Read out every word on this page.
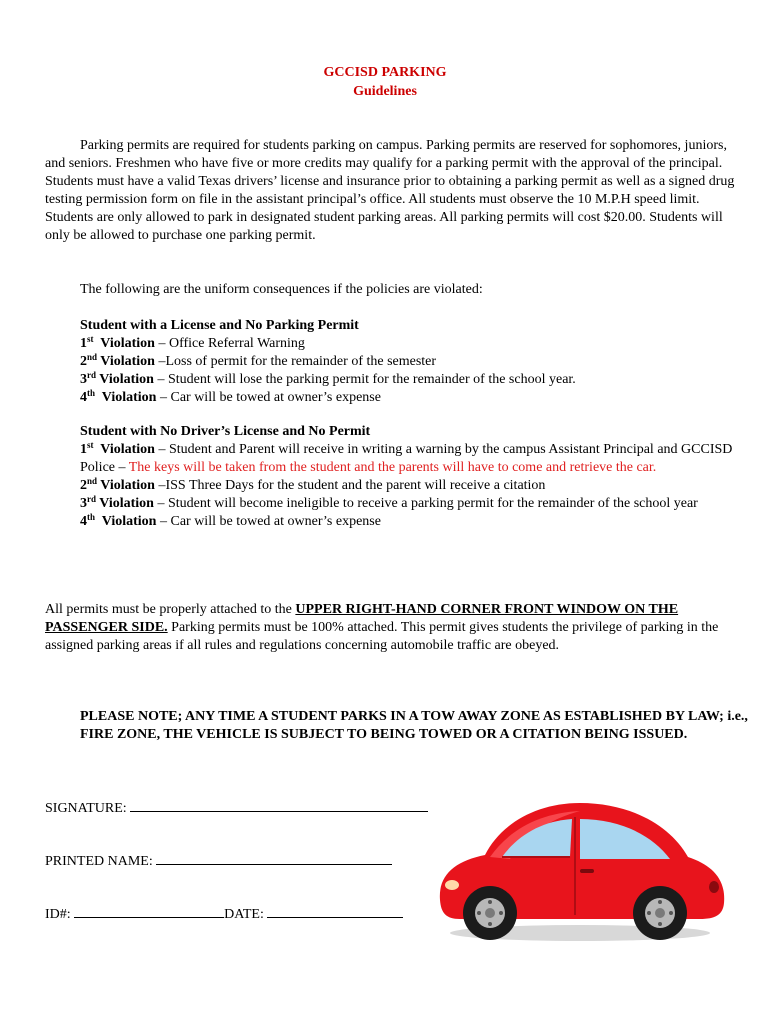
GCCISD PARKING
Guidelines
Parking permits are required for students parking on campus. Parking permits are reserved for sophomores, juniors, and seniors. Freshmen who have five or more credits may qualify for a parking permit with the approval of the principal. Students must have a valid Texas drivers’ license and insurance prior to obtaining a parking permit as well as a signed drug testing permission form on file in the assistant principal’s office. All students must observe the 10 M.P.H speed limit. Students are only allowed to park in designated student parking areas. All parking permits will cost $20.00. Students will only be allowed to purchase one parking permit.
The following are the uniform consequences if the policies are violated:
Student with a License and No Parking Permit
1st  Violation – Office Referral Warning
2nd Violation –Loss of permit for the remainder of the semester
3rd Violation – Student will lose the parking permit for the remainder of the school year.
4th  Violation – Car will be towed at owner’s expense
Student with No Driver’s License and No Permit
1st  Violation – Student and Parent will receive in writing a warning by the campus Assistant Principal and GCCISD Police – The keys will be taken from the student and the parents will have to come and retrieve the car.
2nd Violation –ISS Three Days for the student and the parent will receive a citation
3rd Violation – Student will become ineligible to receive a parking permit for the remainder of the school year
4th  Violation – Car will be towed at owner’s expense
All permits must be properly attached to the UPPER RIGHT-HAND CORNER FRONT WINDOW ON THE PASSENGER SIDE. Parking permits must be 100% attached. This permit gives students the privilege of parking in the assigned parking areas if all rules and regulations concerning automobile traffic are obeyed.
PLEASE NOTE; ANY TIME A STUDENT PARKS IN A TOW AWAY ZONE AS ESTABLISHED BY LAW; i.e., FIRE ZONE, THE VEHICLE IS SUBJECT TO BEING TOWED OR A CITATION BEING ISSUED.
SIGNATURE:
PRINTED NAME:
ID#:	DATE:
